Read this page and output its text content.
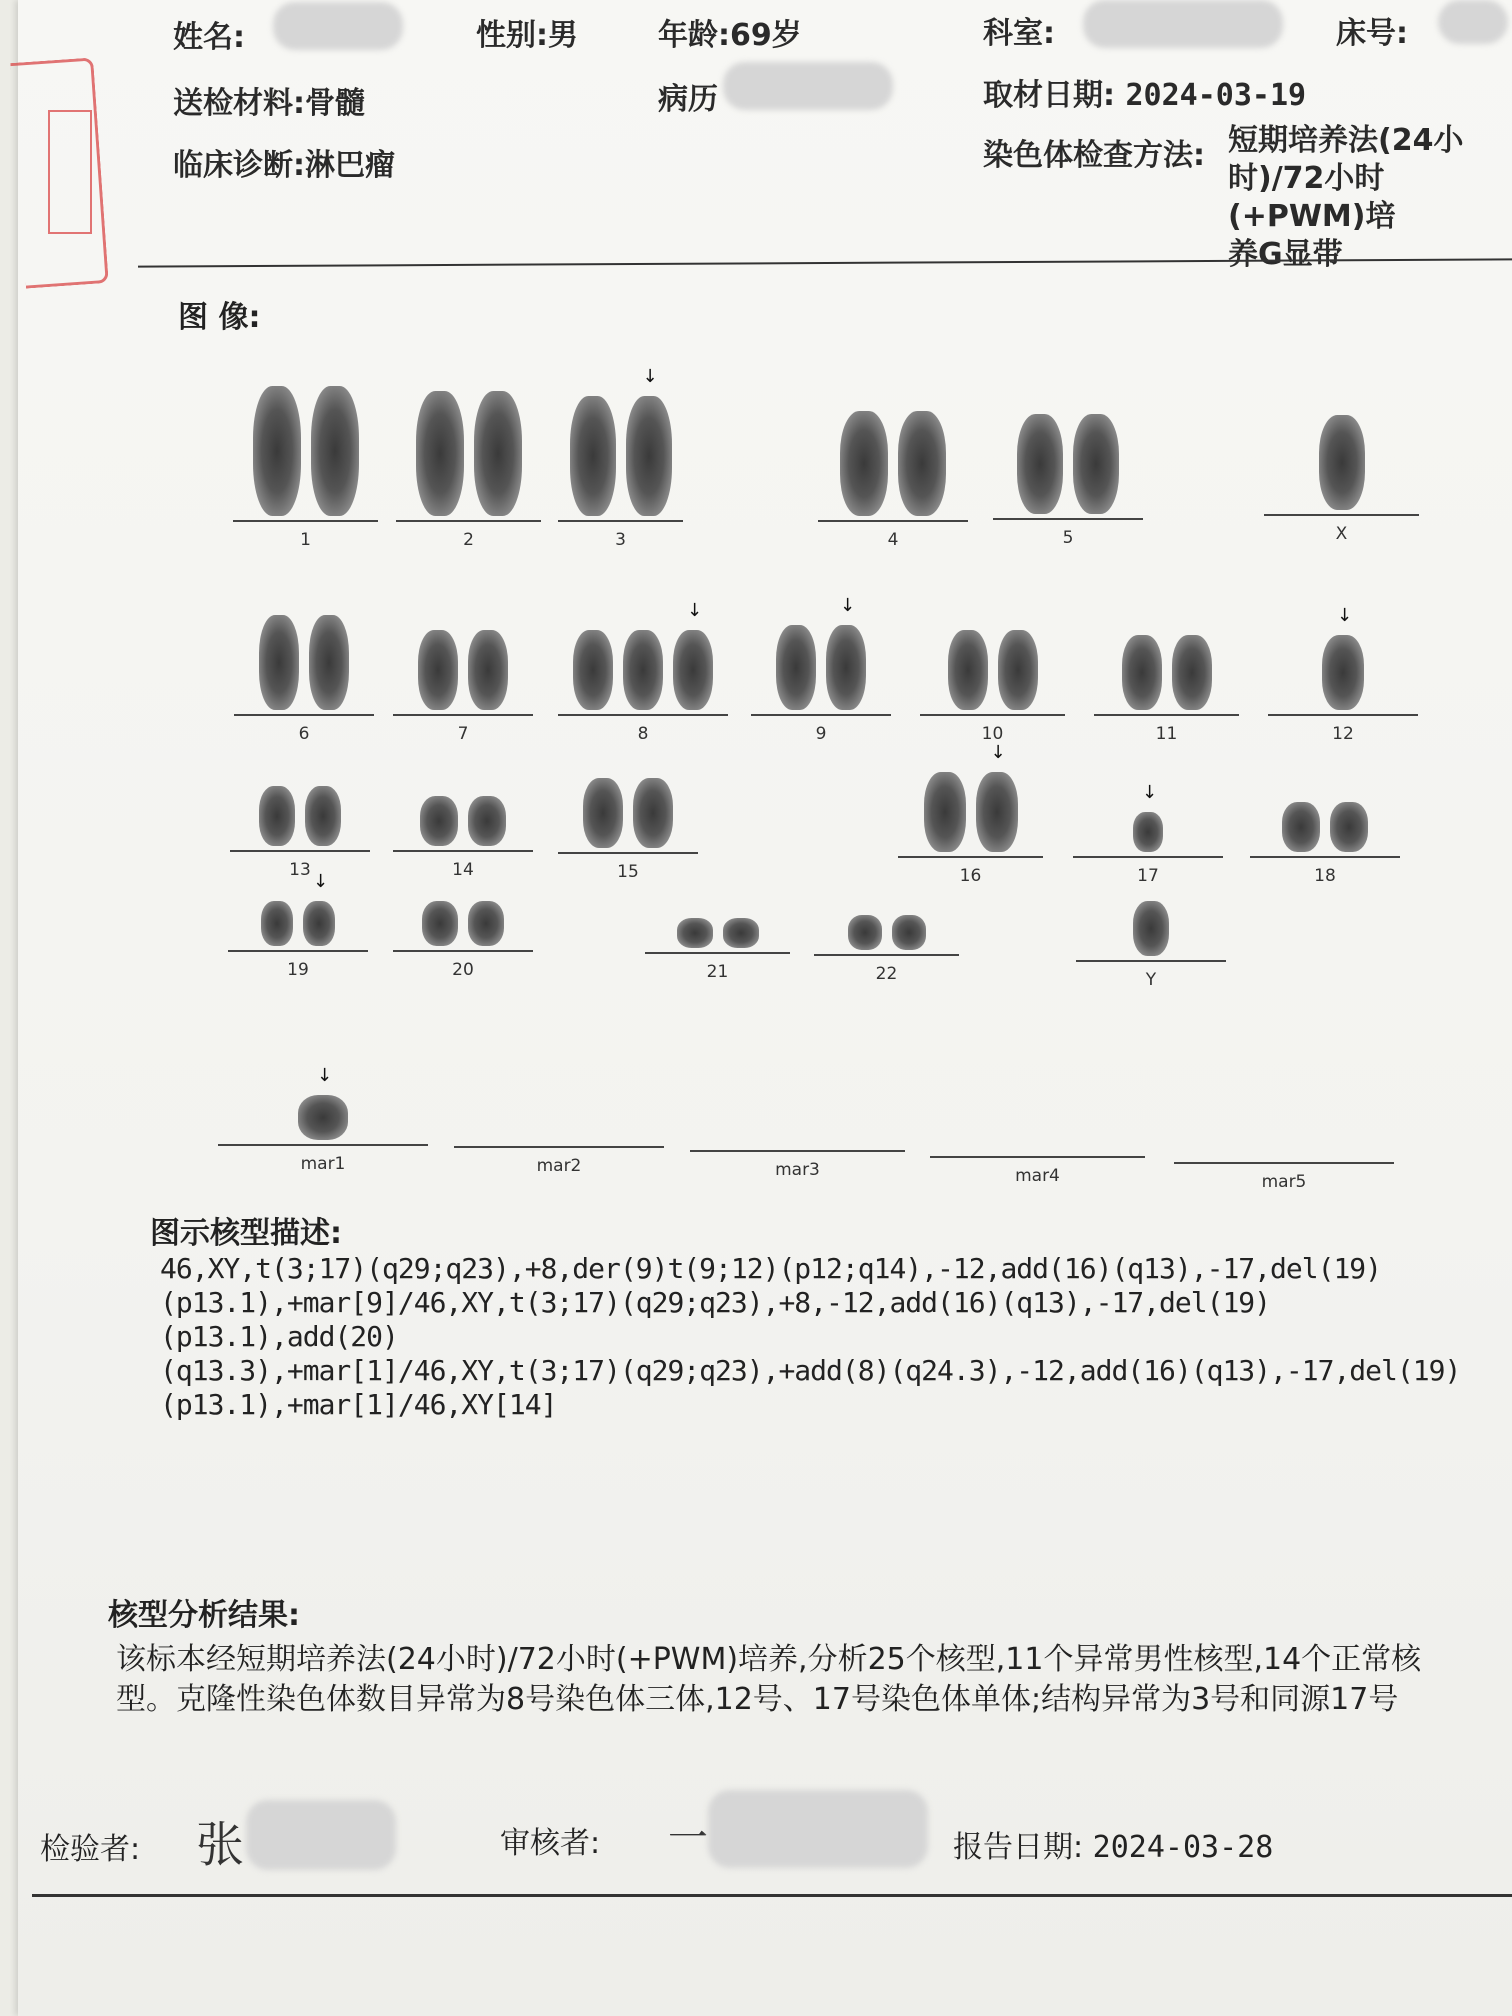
姓名:	性别:男	年龄:69岁	科室:	床号:
送检材料:骨髓	病历	取材日期: 2024-03-19
临床诊断:淋巴瘤	染色体检查方法: 短期培养法(24小
时)/72小时(+PWM)培
养G显带
图 像:
1	2
↓
3	4	5	X
6	7
↓
8
↓
9	10	11
↓
12
13	14	15
↓
16
↓
17	18
↓
19	20	21	22	Y
↓
mar1	mar2	mar3	mar4	mar5
图示核型描述:
46,XY,t(3;17)(q29;q23),+8,der(9)t(9;12)(p12;q14),-12,add(16)(q13),-17,del(19)
(p13.1),+mar[9]/46,XY,t(3;17)(q29;q23),+8,-12,add(16)(q13),-17,del(19)(p13.1),add(20)
(q13.3),+mar[1]/46,XY,t(3;17)(q29;q23),+add(8)(q24.3),-12,add(16)(q13),-17,del(19)
(p13.1),+mar[1]/46,XY[14]
核型分析结果:
该标本经短期培养法(24小时)/72小时(+PWM)培养,分析25个核型,11个异常男性核型,14个正常核
型。克隆性染色体数目异常为8号染色体三体,12号、17号染色体单体;结构异常为3号和同源17号
检验者: 张	审核者: 一	报告日期: 2024-03-28
